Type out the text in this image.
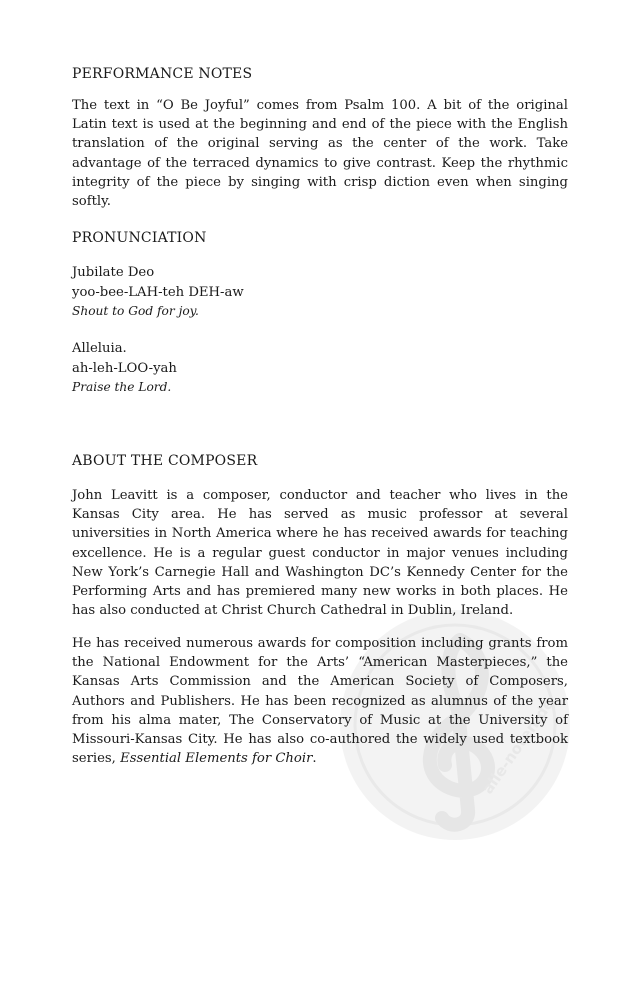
alle-noten.de

PERFORMANCE NOTES

The text in “O Be Joyful” comes from Psalm 100. A bit of the original Latin text is used at the beginning and end of the piece with the English translation of the original serving as the center of the work. Take advantage of the terraced dynamics to give contrast. Keep the rhythmic integrity of the piece by singing with crisp diction even when singing softly.

PRONUNCIATION

Jubilate Deo
yoo-bee-LAH-teh DEH-aw
Shout to God for joy.
Alleluia.
ah-leh-LOO-yah
Praise the Lord.

ABOUT THE COMPOSER

John Leavitt is a composer, conductor and teacher who lives in the Kansas City area. He has served as music professor at several universities in North America where he has received awards for teaching excellence. He is a regular guest conductor in major venues including New York’s Carnegie Hall and Washington DC’s Kennedy Center for the Performing Arts and has premiered many new works in both places. He has also conducted at Christ Church Cathedral in Dublin, Ireland.

He has received numerous awards for composition including grants from the National Endowment for the Arts’ “American Masterpieces,” the Kansas Arts Commission and the American Society of Composers, Authors and Publishers. He has been recognized as alumnus of the year from his alma mater, The Conservatory of Music at the University of Missouri-Kansas City. He has also co-authored the widely used textbook series, Essential Elements for Choir.
